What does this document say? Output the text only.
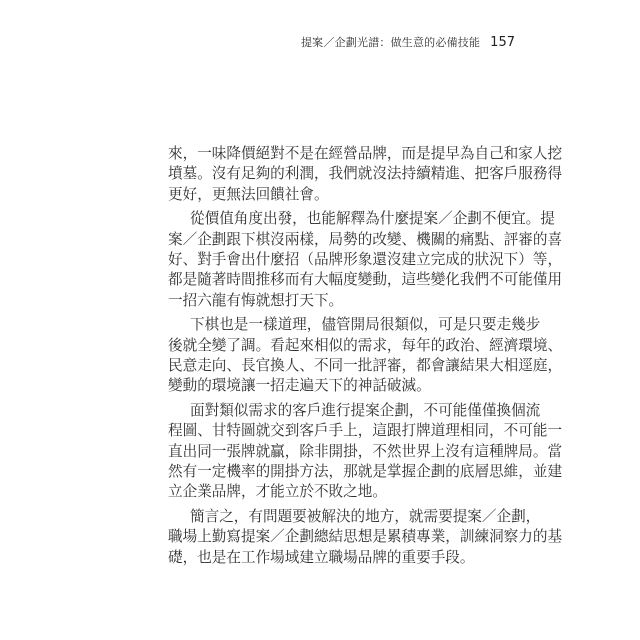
提案／企劃光譜：做生意的必備技能 157
來，一味降價絕對不是在經營品牌，而是提早為自己和家人挖
墳墓。沒有足夠的利潤，我們就沒法持續精進、把客戶服務得
更好，更無法回饋社會。
從價值角度出發，也能解釋為什麼提案／企劃不便宜。提
案／企劃跟下棋沒兩樣，局勢的改變、機關的痛點、評審的喜
好、對手會出什麼招（品牌形象還沒建立完成的狀況下）等，
都是隨著時間推移而有大幅度變動，這些變化我們不可能僅用
一招六龍有悔就想打天下。
下棋也是一樣道理，儘管開局很類似，可是只要走幾步
後就全變了調。看起來相似的需求，每年的政治、經濟環境、
民意走向、長官換人、不同一批評審，都會讓結果大相逕庭，
變動的環境讓一招走遍天下的神話破滅。
面對類似需求的客戶進行提案企劃，不可能僅僅換個流
程圖、甘特圖就交到客戶手上，這跟打牌道理相同，不可能一
直出同一張牌就贏，除非開掛，不然世界上沒有這種牌局。當
然有一定機率的開掛方法，那就是掌握企劃的底層思維，並建
立企業品牌，才能立於不敗之地。
簡言之，有問題要被解決的地方，就需要提案／企劃，
職場上勤寫提案／企劃總結思想是累積專業，訓練洞察力的基
礎，也是在工作場域建立職場品牌的重要手段。
